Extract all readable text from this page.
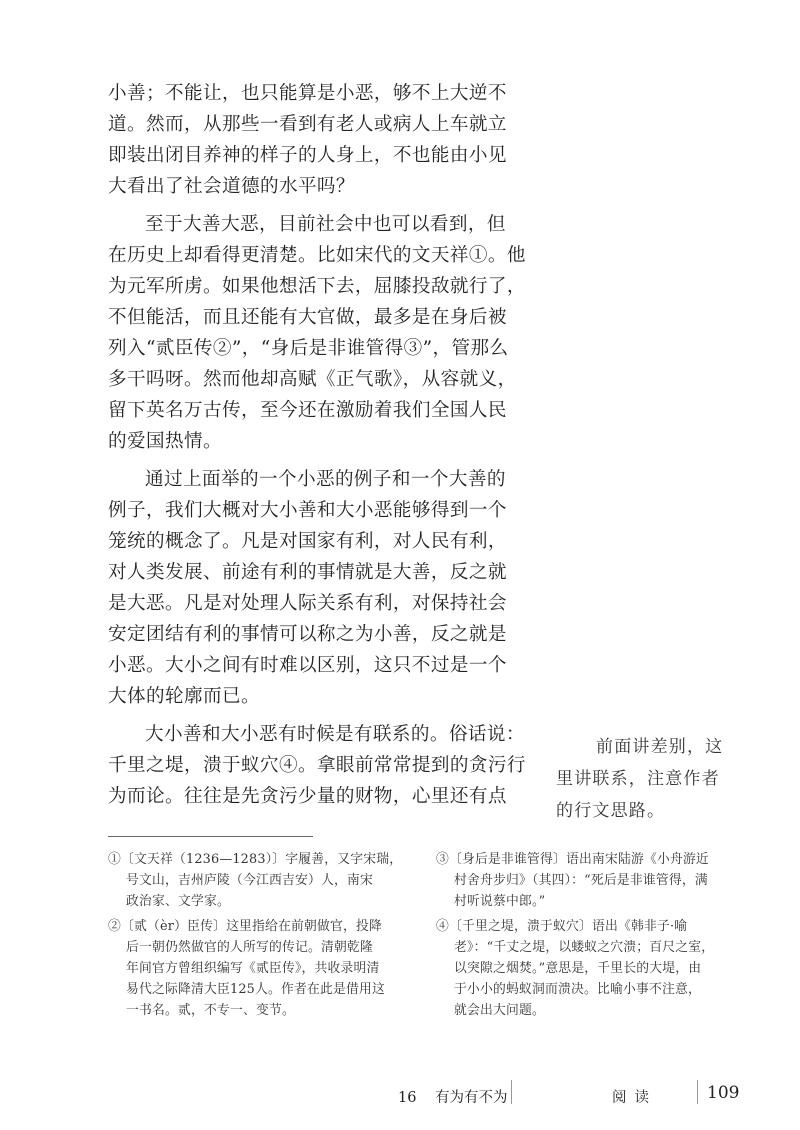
小善；不能让，也只能算是小恶，够不上大逆不
道。然而，从那些一看到有老人或病人上车就立
即装出闭目养神的样子的人身上，不也能由小见
大看出了社会道德的水平吗？
至于大善大恶，目前社会中也可以看到，但
在历史上却看得更清楚。比如宋代的文天祥①。他
为元军所虏。如果他想活下去，屈膝投敌就行了，
不但能活，而且还能有大官做，最多是在身后被
列入“贰臣传②”，“身后是非谁管得③”，管那么
多干吗呀。然而他却高赋《正气歌》，从容就义，
留下英名万古传，至今还在激励着我们全国人民
的爱国热情。
通过上面举的一个小恶的例子和一个大善的
例子，我们大概对大小善和大小恶能够得到一个
笼统的概念了。凡是对国家有利，对人民有利，
对人类发展、前途有利的事情就是大善，反之就
是大恶。凡是对处理人际关系有利，对保持社会
安定团结有利的事情可以称之为小善，反之就是
小恶。大小之间有时难以区别，这只不过是一个
大体的轮廓而已。
大小善和大小恶有时候是有联系的。俗话说：
千里之堤，溃于蚁穴④。拿眼前常常提到的贪污行
为而论。往往是先贪污少量的财物，心里还有点
前面讲差别，这
里讲联系，注意作者
的行文思路。
①〔文天祥（1236—1283）〕字履善，又字宋瑞，
号文山，吉州庐陵（今江西吉安）人，南宋
政治家、文学家。
②〔贰（èr）臣传〕这里指给在前朝做官，投降
后一朝仍然做官的人所写的传记。清朝乾隆
年间官方曾组织编写《贰臣传》，共收录明清
易代之际降清大臣125人。作者在此是借用这
一书名。贰，不专一、变节。
③〔身后是非谁管得〕语出南宋陆游《小舟游近
村舍舟步归》（其四）：“死后是非谁管得，满
村听说蔡中郎。”
④〔千里之堤，溃于蚁穴〕语出《韩非子·喻
老》：“千丈之堤，以蝼蚁之穴溃；百尺之室，
以突隙之烟焚。”意思是，千里长的大堤，由
于小小的蚂蚁洞而溃决。比喻小事不注意，
就会出大问题。
16 有为有不为	阅读	109
